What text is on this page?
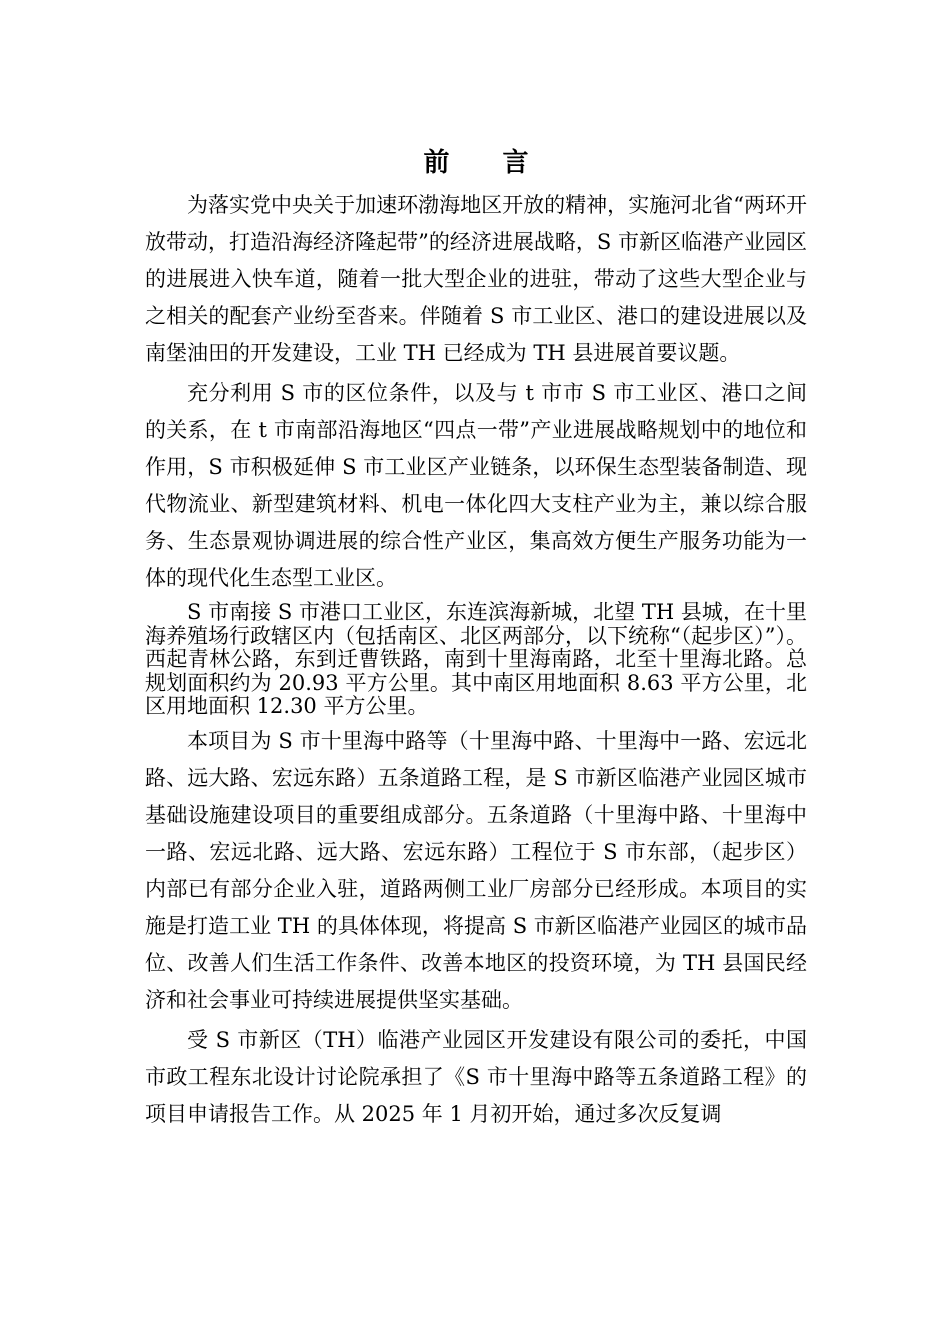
前 言

为落实党中央关于加速环渤海地区开放的精神，实施河北省“两环开放带动，打造沿海经济隆起带”的经济进展战略，S 市新区临港产业园区的进展进入快车道，随着一批大型企业的进驻，带动了这些大型企业与之相关的配套产业纷至沓来。伴随着 S 市工业区、港口的建设进展以及南堡油田的开发建设，工业 TH 已经成为 TH 县进展首要议题。

充分利用 S 市的区位条件，以及与 t 市市 S 市工业区、港口之间的关系，在 t 市南部沿海地区“四点一带”产业进展战略规划中的地位和作用，S 市积极延伸 S 市工业区产业链条，以环保生态型装备制造、现代物流业、新型建筑材料、机电一体化四大支柱产业为主，兼以综合服务、生态景观协调进展的综合性产业区，集高效方便生产服务功能为一体的现代化生态型工业区。

S 市南接 S 市港口工业区，东连滨海新城，北望 TH 县城，在十里海养殖场行政辖区内（包括南区、北区两部分，以下统称“（起步区）”）。西起青林公路，东到迁曹铁路，南到十里海南路，北至十里海北路。总规划面积约为 20.93 平方公里。其中南区用地面积 8.63 平方公里，北区用地面积 12.30 平方公里。

本项目为 S 市十里海中路等（十里海中路、十里海中一路、宏远北路、远大路、宏远东路）五条道路工程，是 S 市新区临港产业园区城市基础设施建设项目的重要组成部分。五条道路（十里海中路、十里海中一路、宏远北路、远大路、宏远东路）工程位于 S 市东部，（起步区）内部已有部分企业入驻，道路两侧工业厂房部分已经形成。本项目的实施是打造工业 TH 的具体体现，将提高 S 市新区临港产业园区的城市品位、改善人们生活工作条件、改善本地区的投资环境，为 TH 县国民经济和社会事业可持续进展提供坚实基础。

受 S 市新区（TH）临港产业园区开发建设有限公司的委托，中国市政工程东北设计讨论院承担了《S 市十里海中路等五条道路工程》的项目申请报告工作。从 2025 年 1 月初开始，通过多次反复调
